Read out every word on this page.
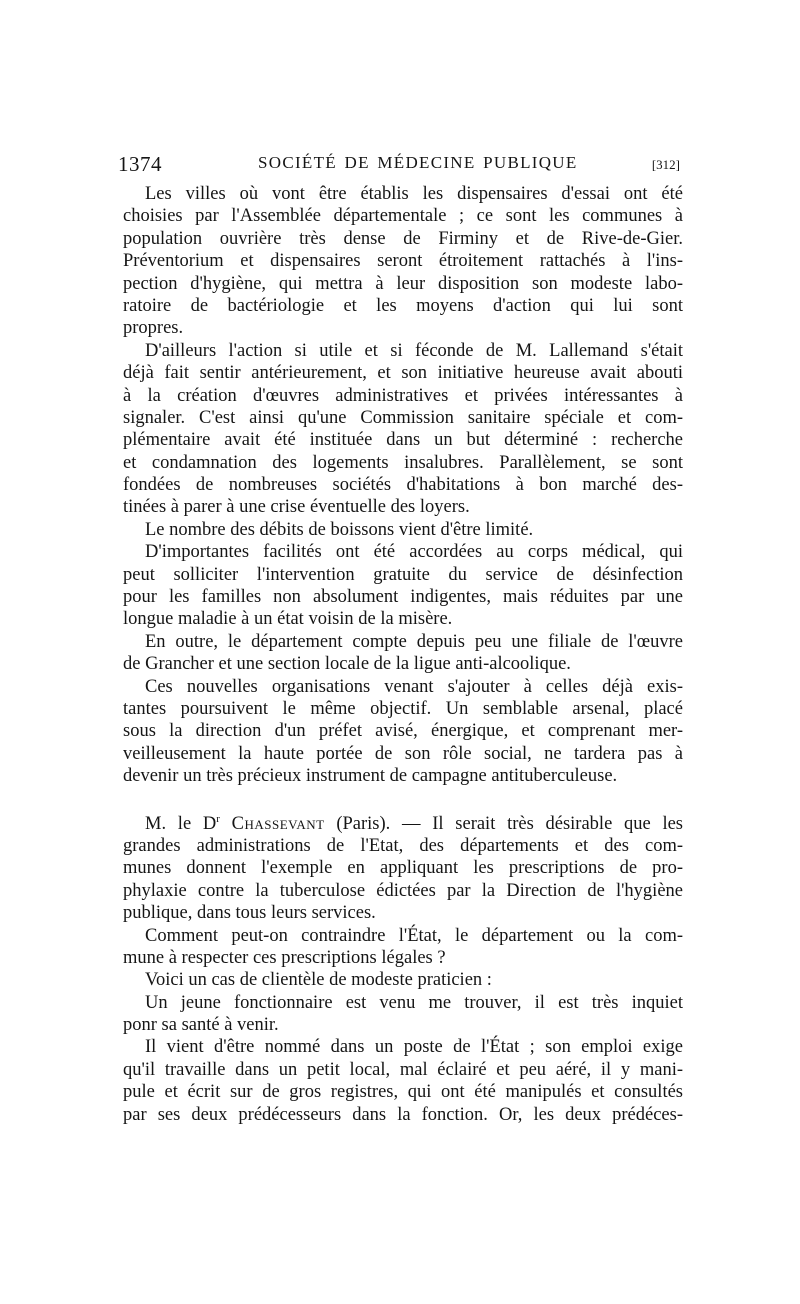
1374	SOCIÉTÉ DE MÉDECINE PUBLIQUE	[312]
Les villes où vont être établis les dispensaires d'essai ont été
choisies par l'Assemblée départementale ; ce sont les communes à
population ouvrière très dense de Firminy et de Rive-de-Gier.
Préventorium et dispensaires seront étroitement rattachés à l'ins-
pection d'hygiène, qui mettra à leur disposition son modeste labo-
ratoire de bactériologie et les moyens d'action qui lui sont
propres.
D'ailleurs l'action si utile et si féconde de M. Lallemand s'était
déjà fait sentir antérieurement, et son initiative heureuse avait abouti
à la création d'œuvres administratives et privées intéressantes à
signaler. C'est ainsi qu'une Commission sanitaire spéciale et com-
plémentaire avait été instituée dans un but déterminé : recherche
et condamnation des logements insalubres. Parallèlement, se sont
fondées de nombreuses sociétés d'habitations à bon marché des-
tinées à parer à une crise éventuelle des loyers.
Le nombre des débits de boissons vient d'être limité.
D'importantes facilités ont été accordées au corps médical, qui
peut solliciter l'intervention gratuite du service de désinfection
pour les familles non absolument indigentes, mais réduites par une
longue maladie à un état voisin de la misère.
En outre, le département compte depuis peu une filiale de l'œuvre
de Grancher et une section locale de la ligue anti-alcoolique.
Ces nouvelles organisations venant s'ajouter à celles déjà exis-
tantes poursuivent le même objectif. Un semblable arsenal, placé
sous la direction d'un préfet avisé, énergique, et comprenant mer-
veilleusement la haute portée de son rôle social, ne tardera pas à
devenir un très précieux instrument de campagne antituberculeuse.
M. le $D^r$ Chassevant (Paris). — Il serait très désirable que les
grandes administrations de l'Etat, des départements et des com-
munes donnent l'exemple en appliquant les prescriptions de pro-
phylaxie contre la tuberculose édictées par la Direction de l'hygiène
publique, dans tous leurs services.
Comment peut-on contraindre l'État, le département ou la com-
mune à respecter ces prescriptions légales ?
Voici un cas de clientèle de modeste praticien :
Un jeune fonctionnaire est venu me trouver, il est très inquiet
ponr sa santé à venir.
Il vient d'être nommé dans un poste de l'État ; son emploi exige
qu'il travaille dans un petit local, mal éclairé et peu aéré, il y mani-
pule et écrit sur de gros registres, qui ont été manipulés et consultés
par ses deux prédécesseurs dans la fonction. Or, les deux prédéces-
